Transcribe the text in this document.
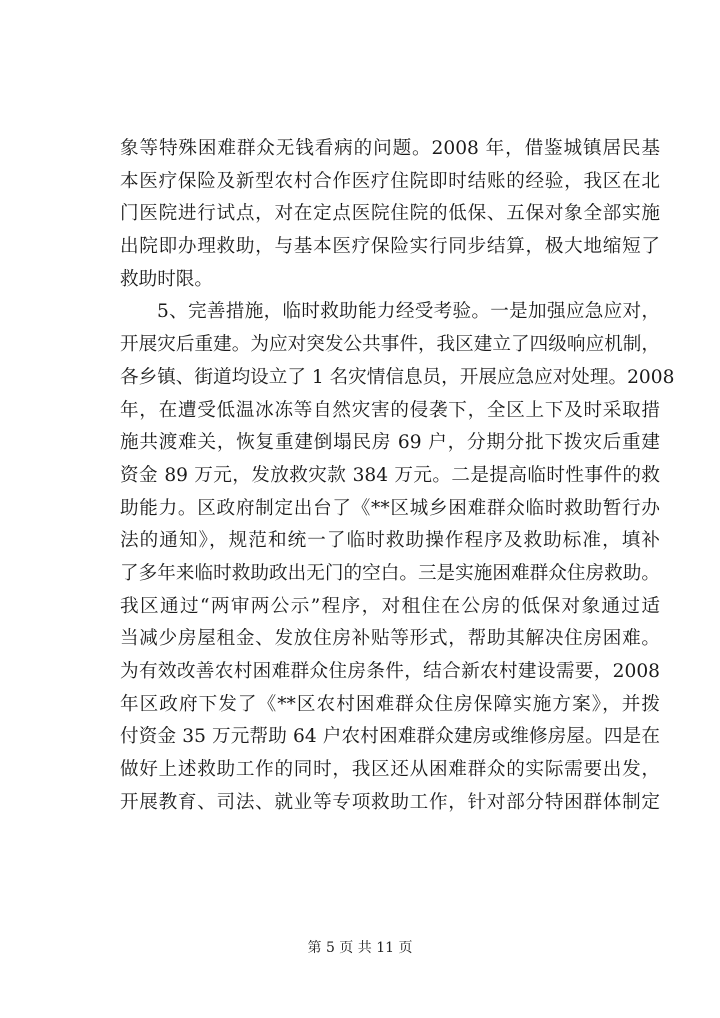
象等特殊困难群众无钱看病的问题。2008 年，借鉴城镇居民基
本医疗保险及新型农村合作医疗住院即时结账的经验，我区在北
门医院进行试点，对在定点医院住院的低保、五保对象全部实施
出院即办理救助，与基本医疗保险实行同步结算，极大地缩短了
救助时限。
5、完善措施，临时救助能力经受考验。一是加强应急应对，
开展灾后重建。为应对突发公共事件，我区建立了四级响应机制，
各乡镇、街道均设立了 1 名灾情信息员，开展应急应对处理。2008
年，在遭受低温冰冻等自然灾害的侵袭下，全区上下及时采取措
施共渡难关，恢复重建倒塌民房 69 户，分期分批下拨灾后重建
资金 89 万元，发放救灾款 384 万元。二是提高临时性事件的救
助能力。区政府制定出台了《**区城乡困难群众临时救助暂行办
法的通知》，规范和统一了临时救助操作程序及救助标准，填补
了多年来临时救助政出无门的空白。三是实施困难群众住房救助。
我区通过“两审两公示”程序，对租住在公房的低保对象通过适
当减少房屋租金、发放住房补贴等形式，帮助其解决住房困难。
为有效改善农村困难群众住房条件，结合新农村建设需要，2008
年区政府下发了《**区农村困难群众住房保障实施方案》，并拨
付资金 35 万元帮助 64 户农村困难群众建房或维修房屋。四是在
做好上述救助工作的同时，我区还从困难群众的实际需要出发，
开展教育、司法、就业等专项救助工作，针对部分特困群体制定
第 5 页 共 11 页
